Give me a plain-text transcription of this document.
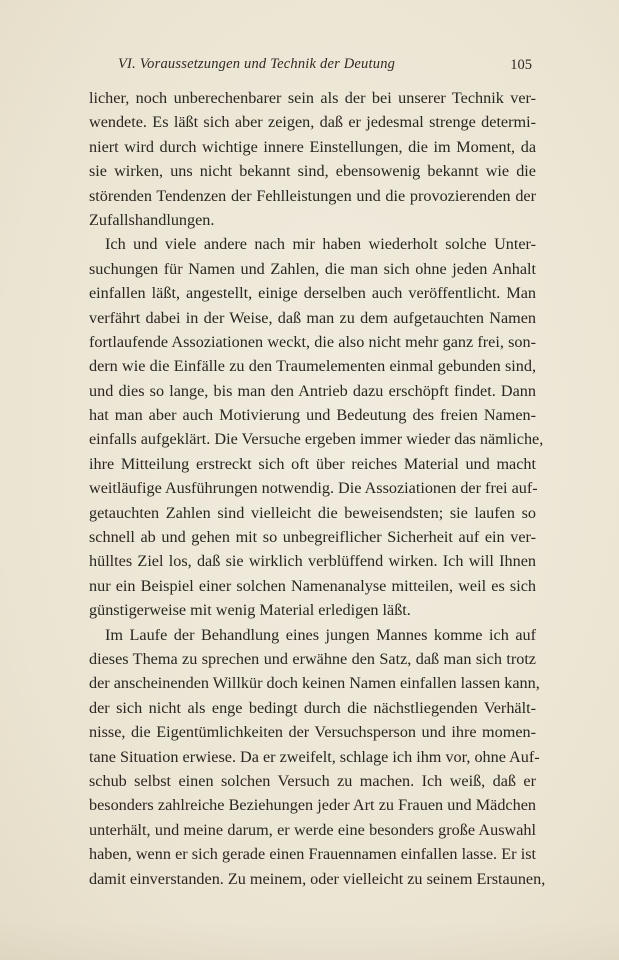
VI. Voraussetzungen und Technik der Deutung	105
licher, noch unberechenbarer sein als der bei unserer Technik ver-
wendete. Es läßt sich aber zeigen, daß er jedesmal strenge determi-
niert wird durch wichtige innere Einstellungen, die im Moment, da
sie wirken, uns nicht bekannt sind, ebensowenig bekannt wie die
störenden Tendenzen der Fehlleistungen und die provozierenden der
Zufallshandlungen.
Ich und viele andere nach mir haben wiederholt solche Unter-
suchungen für Namen und Zahlen, die man sich ohne jeden Anhalt
einfallen läßt, angestellt, einige derselben auch veröffentlicht. Man
verfährt dabei in der Weise, daß man zu dem aufgetauchten Namen
fortlaufende Assoziationen weckt, die also nicht mehr ganz frei, son-
dern wie die Einfälle zu den Traumelementen einmal gebunden sind,
und dies so lange, bis man den Antrieb dazu erschöpft findet. Dann
hat man aber auch Motivierung und Bedeutung des freien Namen-
einfalls aufgeklärt. Die Versuche ergeben immer wieder das nämliche,
ihre Mitteilung erstreckt sich oft über reiches Material und macht
weitläufige Ausführungen notwendig. Die Assoziationen der frei auf-
getauchten Zahlen sind vielleicht die beweisendsten; sie laufen so
schnell ab und gehen mit so unbegreiflicher Sicherheit auf ein ver-
hülltes Ziel los, daß sie wirklich verblüffend wirken. Ich will Ihnen
nur ein Beispiel einer solchen Namenanalyse mitteilen, weil es sich
günstigerweise mit wenig Material erledigen läßt.
Im Laufe der Behandlung eines jungen Mannes komme ich auf
dieses Thema zu sprechen und erwähne den Satz, daß man sich trotz
der anscheinenden Willkür doch keinen Namen einfallen lassen kann,
der sich nicht als enge bedingt durch die nächstliegenden Verhält-
nisse, die Eigentümlichkeiten der Versuchsperson und ihre momen-
tane Situation erwiese. Da er zweifelt, schlage ich ihm vor, ohne Auf-
schub selbst einen solchen Versuch zu machen. Ich weiß, daß er
besonders zahlreiche Beziehungen jeder Art zu Frauen und Mädchen
unterhält, und meine darum, er werde eine besonders große Auswahl
haben, wenn er sich gerade einen Frauennamen einfallen lasse. Er ist
damit einverstanden. Zu meinem, oder vielleicht zu seinem Erstaunen,
